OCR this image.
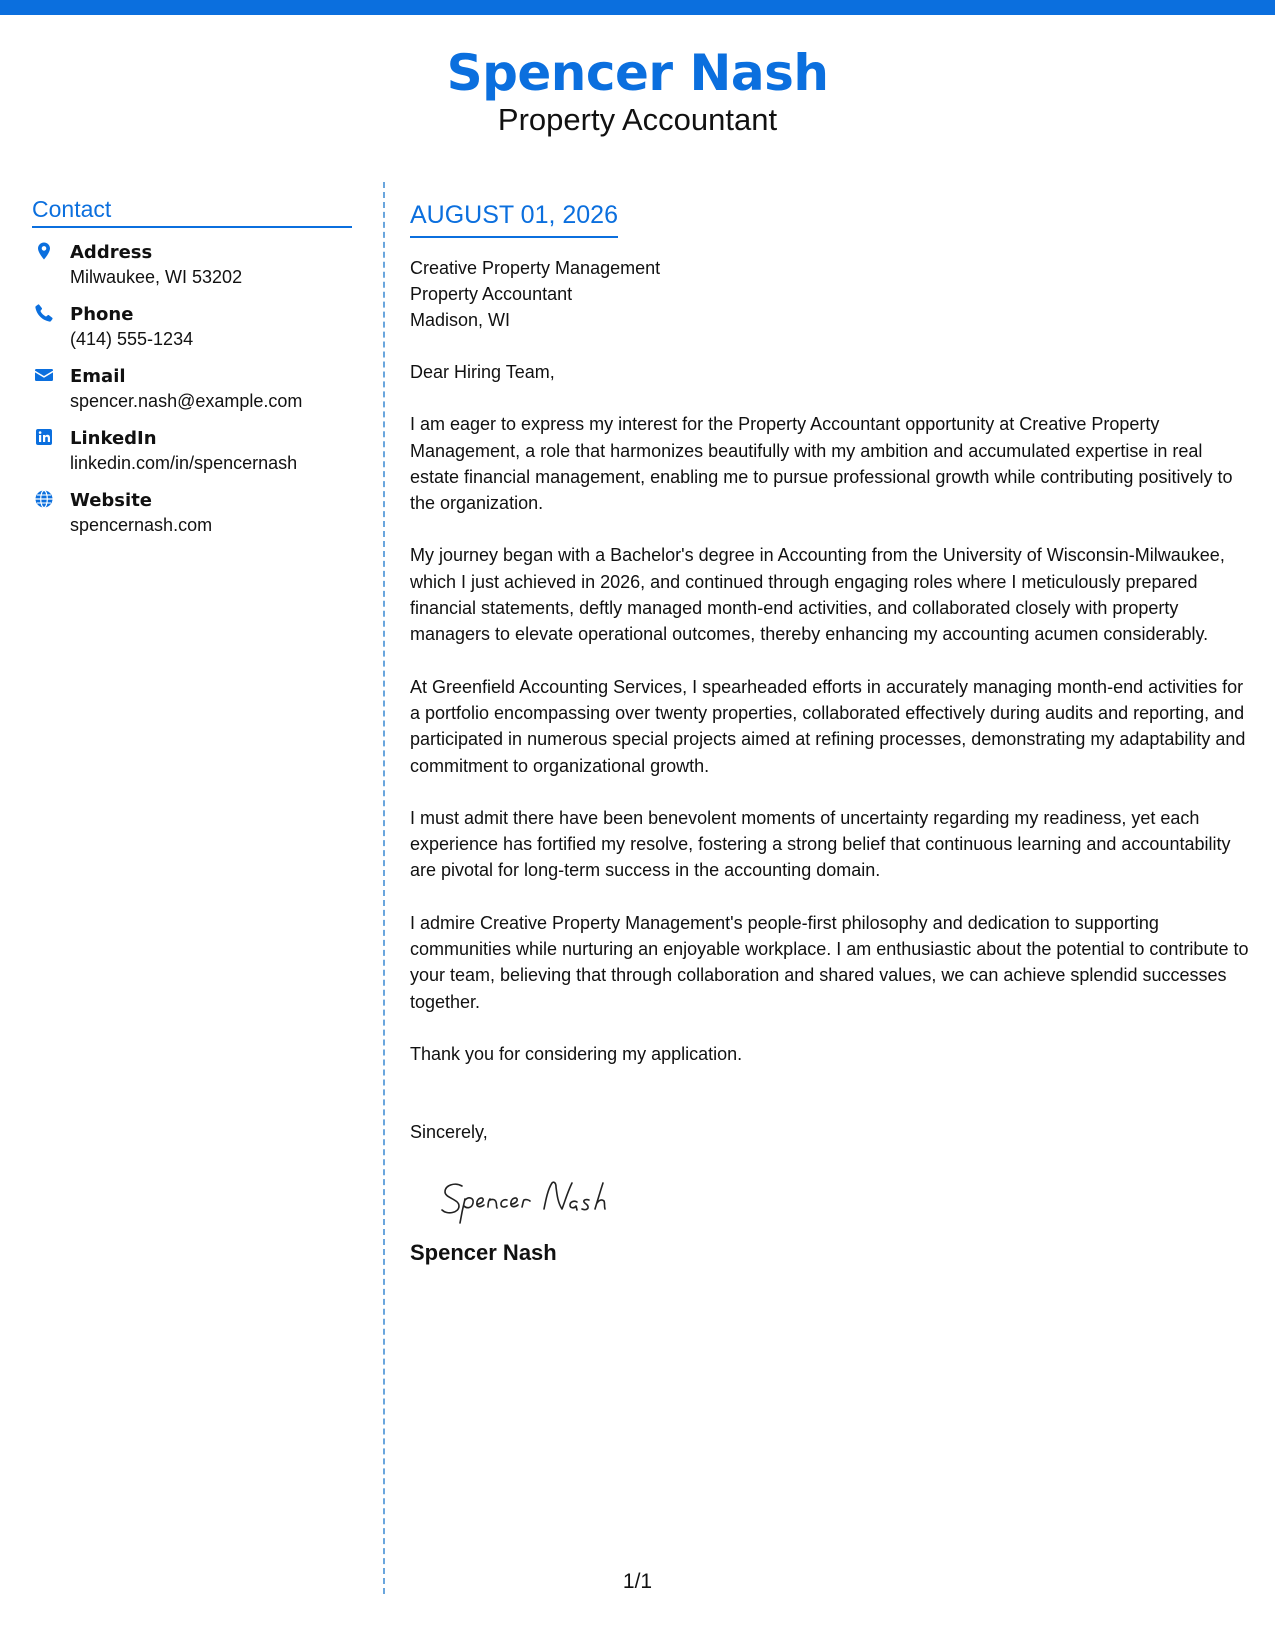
Spencer Nash
Property Accountant
Contact
Address
Milwaukee, WI 53202
Phone
(414) 555-1234
Email
spencer.nash@example.com
LinkedIn
linkedin.com/in/spencernash
Website
spencernash.com
AUGUST 01, 2026
Creative Property Management
Property Accountant
Madison, WI

Dear Hiring Team,

I am eager to express my interest for the Property Accountant opportunity at Creative Property Management, a role that harmonizes beautifully with my ambition and accumulated expertise in real estate financial management, enabling me to pursue professional growth while contributing positively to the organization.

My journey began with a Bachelor's degree in Accounting from the University of Wisconsin-Milwaukee, which I just achieved in 2026, and continued through engaging roles where I meticulously prepared financial statements, deftly managed month-end activities, and collaborated closely with property managers to elevate operational outcomes, thereby enhancing my accounting acumen considerably.

At Greenfield Accounting Services, I spearheaded efforts in accurately managing month-end activities for a portfolio encompassing over twenty properties, collaborated effectively during audits and reporting, and participated in numerous special projects aimed at refining processes, demonstrating my adaptability and commitment to organizational growth.

I must admit there have been benevolent moments of uncertainty regarding my readiness, yet each experience has fortified my resolve, fostering a strong belief that continuous learning and accountability are pivotal for long-term success in the accounting domain.

I admire Creative Property Management's people-first philosophy and dedication to supporting communities while nurturing an enjoyable workplace. I am enthusiastic about the potential to contribute to your team, believing that through collaboration and shared values, we can achieve splendid successes together.

Thank you for considering my application.

Sincerely,
Spencer Nash
1/1
